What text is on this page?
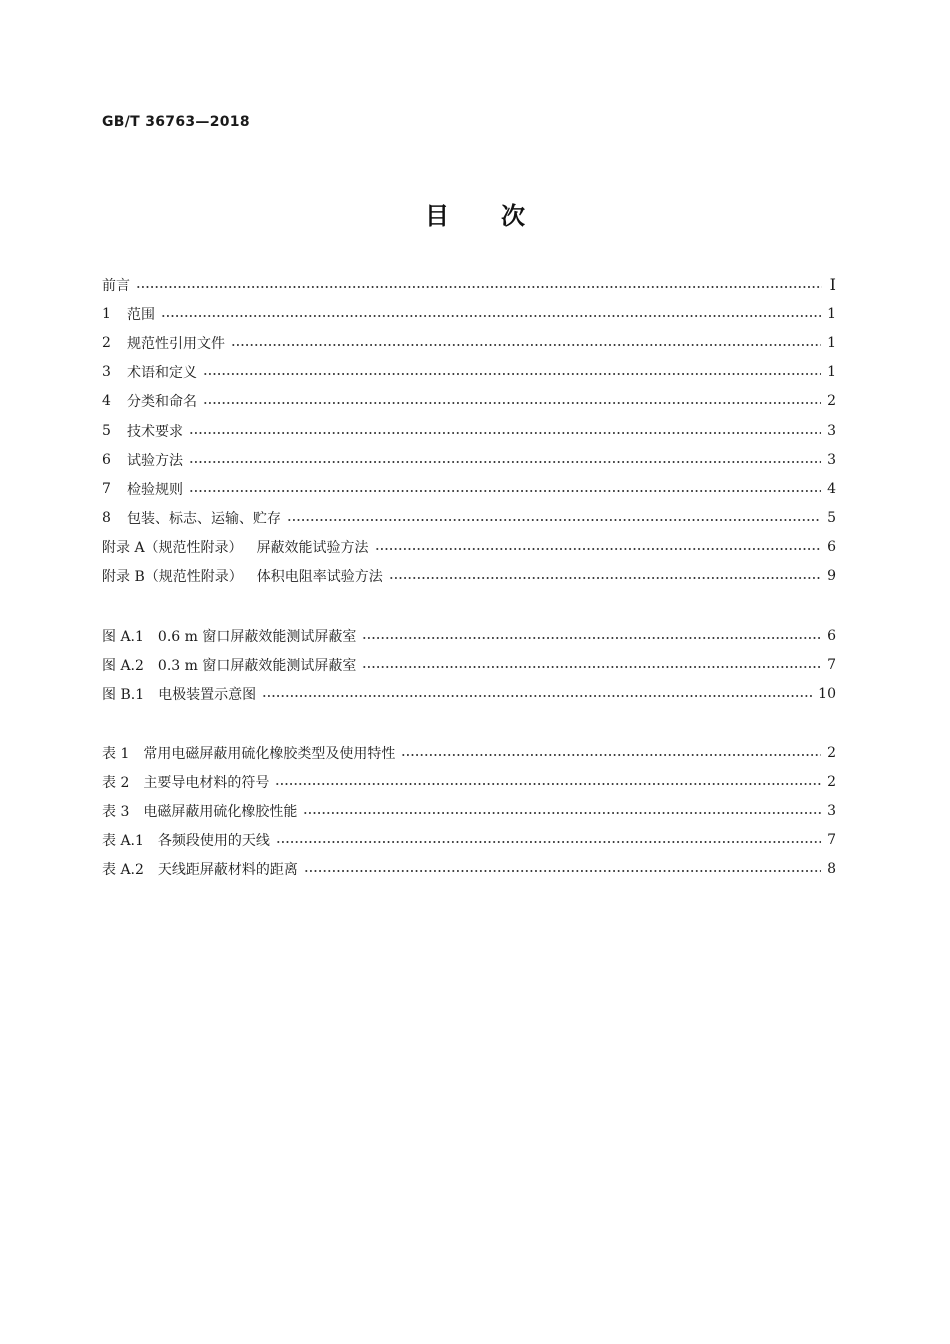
GB/T 36763—2018
目次
前言	Ⅰ
1	范围	1
2	规范性引用文件	1
3	术语和定义	1
4	分类和命名	2
5	技术要求	3
6	试验方法	3
7	检验规则	4
8	包装、标志、运输、贮存	5
附录 A（规范性附录） 屏蔽效能试验方法	6
附录 B（规范性附录） 体积电阻率试验方法	9
图 A.1 0.6 m 窗口屏蔽效能测试屏蔽室	6
图 A.2 0.3 m 窗口屏蔽效能测试屏蔽室	7
图 B.1 电极装置示意图	10
表 1 常用电磁屏蔽用硫化橡胶类型及使用特性	2
表 2 主要导电材料的符号	2
表 3 电磁屏蔽用硫化橡胶性能	3
表 A.1 各频段使用的天线	7
表 A.2 天线距屏蔽材料的距离	8
